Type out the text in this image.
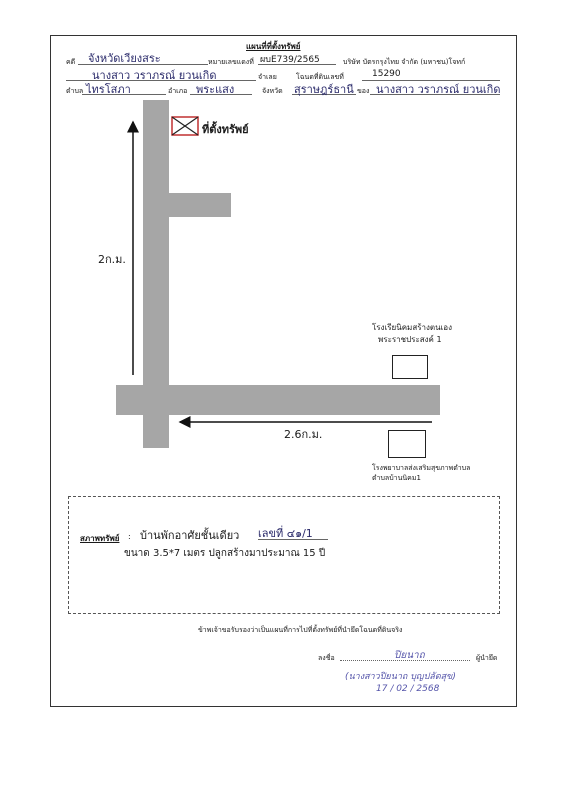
แผนที่ที่ตั้งทรัพย์
คดี จังหวัดเวียงสระ	หมายเลขแดงที่ ผบE739/2565	บริษัท บัตรกรุงไทย จำกัด (มหาชน)โจทก์
นางสาว วราภรณ์ ยวนเกิด	จำเลย	โฉนดที่ดินเลขที่	15290
ตำบล ไทรโสภา	อำเภอ พระแสง	จังหวัด สุราษฎร์ธานี ของ นางสาว วราภรณ์ ยวนเกิด
ที่ตั้งทรัพย์
2ก.ม.
2.6ก.ม.
โรงเรียนิคมสร้างตนเอง
พระราชประสงค์ 1
โรงพยาบาลส่งเสริมสุขภาพตำบล
ตำบลบ้านนิคม1
สภาพทรัพย์ : บ้านพักอาศัยชั้นเดียว เลขที่ ๔๑/1
ขนาด 3.5*7 เมตร ปลูกสร้างมาประมาณ 15 ปี
ข้าพเจ้าขอรับรองว่าเป็นแผนที่การไปที่ตั้งทรัพย์ที่นำยึดโฉนดที่ดินจริง
ลงชื่อ	ปิยนาถ	ผู้นำยึด
(นางสาวปิยนาถ บุญปลัดสุข)
17 / 02 / 2568
